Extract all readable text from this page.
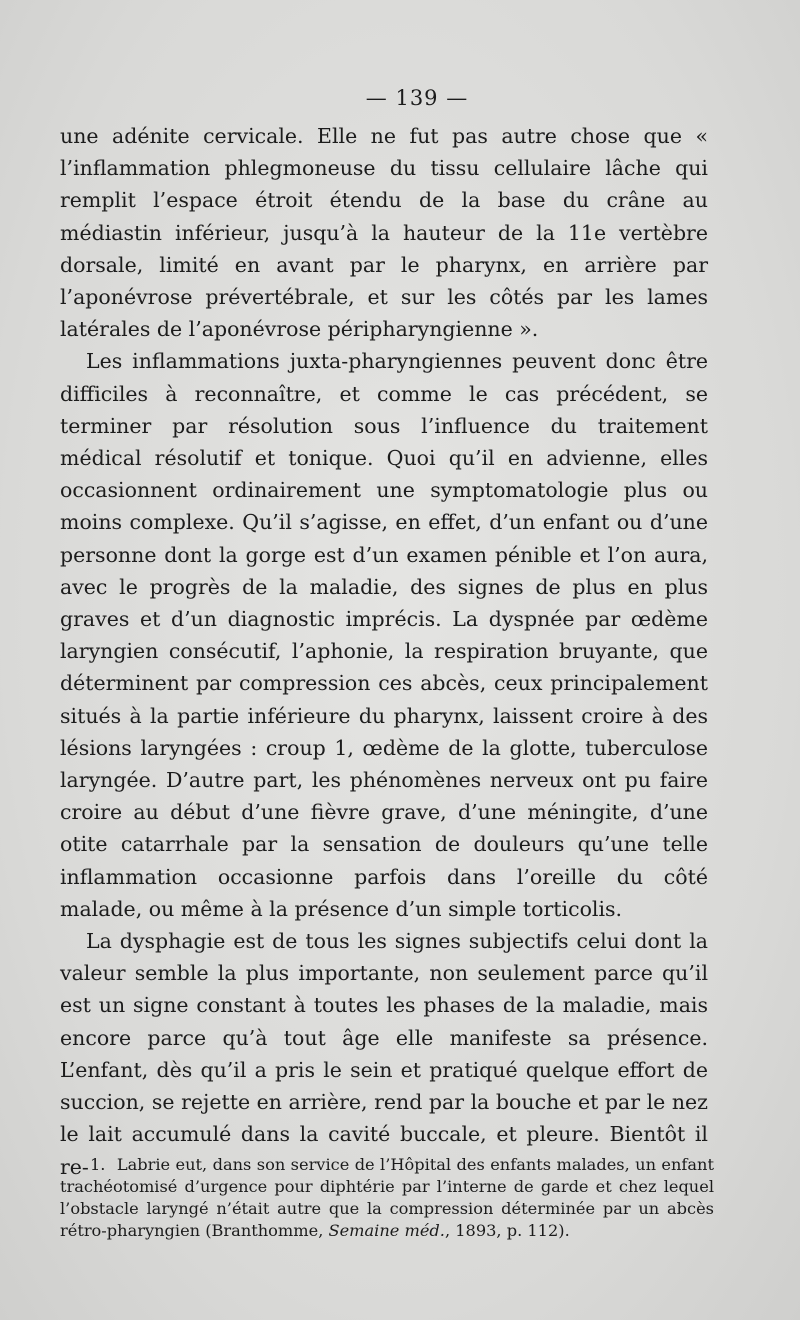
— 139 —

une adénite cervicale. Elle ne fut pas autre chose que « l’inflammation phlegmoneuse du tissu cellulaire lâche qui remplit l’espace étroit étendu de la base du crâne au médiastin inférieur, jusqu’à la hauteur de la 11e vertèbre dorsale, limité en avant par le pharynx, en arrière par l’aponévrose prévertébrale, et sur les côtés par les lames latérales de l’aponévrose péripharyngienne ».

Les inflammations juxta-pharyngiennes peuvent donc être difficiles à reconnaître, et comme le cas précédent, se terminer par résolution sous l’influence du traitement médical résolutif et tonique. Quoi qu’il en advienne, elles occasionnent ordinairement une symptomatologie plus ou moins complexe. Qu’il s’agisse, en effet, d’un enfant ou d’une personne dont la gorge est d’un examen pénible et l’on aura, avec le progrès de la maladie, des signes de plus en plus graves et d’un diagnostic imprécis. La dyspnée par œdème laryngien consécutif, l’aphonie, la respiration bruyante, que déterminent par compression ces abcès, ceux principalement situés à la partie inférieure du pharynx, laissent croire à des lésions laryngées : croup 1, œdème de la glotte, tuberculose laryngée. D’autre part, les phénomènes nerveux ont pu faire croire au début d’une fièvre grave, d’une méningite, d’une otite catarrhale par la sensation de douleurs qu’une telle inflammation occasionne parfois dans l’oreille du côté malade, ou même à la présence d’un simple torticolis.

La dysphagie est de tous les signes subjectifs celui dont la valeur semble la plus importante, non seulement parce qu’il est un signe constant à toutes les phases de la maladie, mais encore parce qu’à tout âge elle manifeste sa présence. L’enfant, dès qu’il a pris le sein et pratiqué quelque effort de succion, se rejette en arrière, rend par la bouche et par le nez le lait accumulé dans la cavité buccale, et pleure. Bientôt il re- 1. Labrie eut, dans son service de l’Hôpital des enfants malades, un enfant trachéotomisé d’urgence pour diphtérie par l’interne de garde et chez lequel l’obstacle laryngé n’était autre que la compression déterminée par un abcès rétro-pharyngien (Branthomme, Semaine méd., 1893, p. 112).
